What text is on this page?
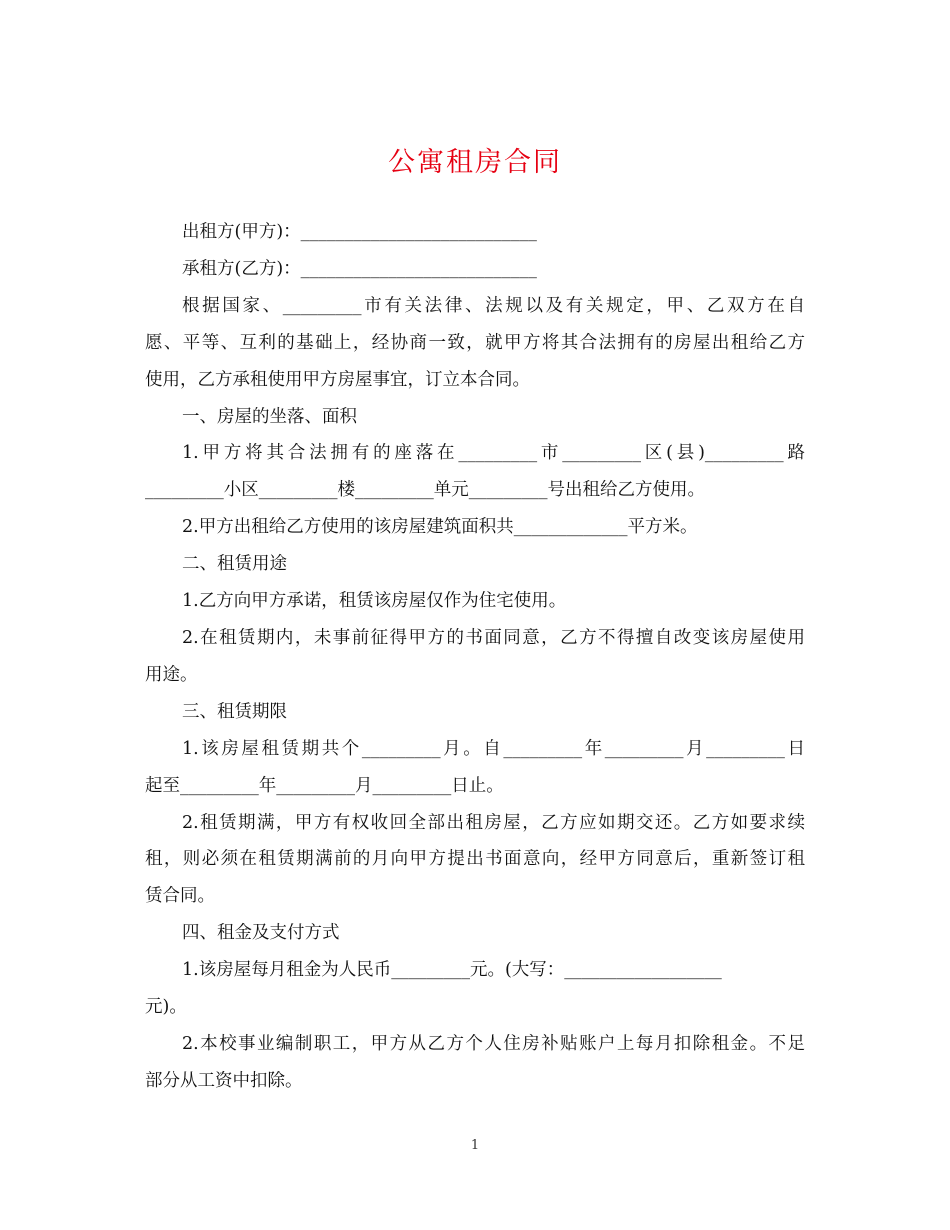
公寓租房合同
出租方(甲方)：___________________________
承租方(乙方)：___________________________
根据国家、_________市有关法律、法规以及有关规定，甲、乙双方在自
愿、平等、互利的基础上，经协商一致，就甲方将其合法拥有的房屋出租给乙方
使用，乙方承租使用甲方房屋事宜，订立本合同。
一、房屋的坐落、面积
1.甲方将其合法拥有的座落在_________市_________区(县)_________路
_________小区_________楼_________单元_________号出租给乙方使用。
2.甲方出租给乙方使用的该房屋建筑面积共_____________平方米。
二、租赁用途
1.乙方向甲方承诺，租赁该房屋仅作为住宅使用。
2.在租赁期内，未事前征得甲方的书面同意，乙方不得擅自改变该房屋使用
用途。
三、租赁期限
1.该房屋租赁期共个_________月。自_________年_________月_________日
起至_________年_________月_________日止。
2.租赁期满，甲方有权收回全部出租房屋，乙方应如期交还。乙方如要求续
租，则必须在租赁期满前的月向甲方提出书面意向，经甲方同意后，重新签订租
赁合同。
四、租金及支付方式
1.该房屋每月租金为人民币_________元。(大写：__________________
元)。
2.本校事业编制职工，甲方从乙方个人住房补贴账户上每月扣除租金。不足
部分从工资中扣除。
1
